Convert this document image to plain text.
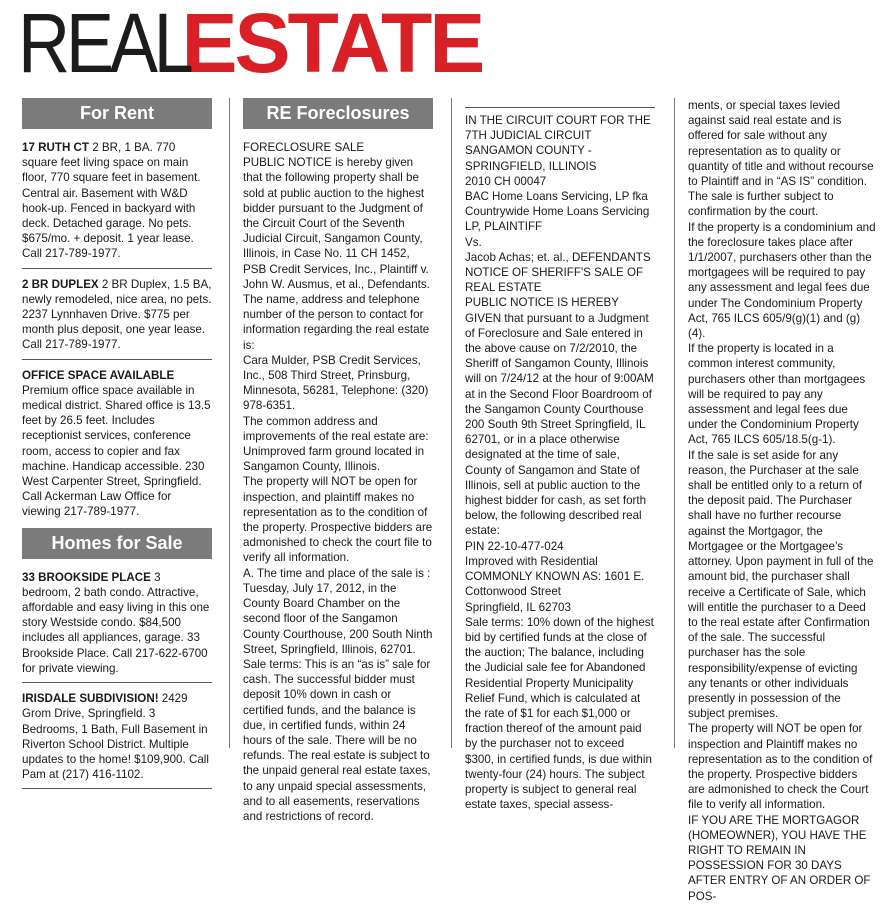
REALESTATE
For Rent
17 RUTH CT 2 BR, 1 BA. 770 square feet living space on main floor, 770 square feet in basement. Central air. Basement with W&D hook-up. Fenced in backyard with deck. Detached garage. No pets. $675/mo. + deposit. 1 year lease. Call 217-789-1977.
2 BR DUPLEX 2 BR Duplex, 1.5 BA, newly remodeled, nice area, no pets. 2237 Lynnhaven Drive. $775 per month plus deposit, one year lease. Call 217-789-1977.
OFFICE SPACE AVAILABLE Premium office space available in medical district. Shared office is 13.5 feet by 26.5 feet. Includes receptionist services, conference room, access to copier and fax machine. Handicap accessible. 230 West Carpenter Street, Springfield. Call Ackerman Law Office for viewing 217-789-1977.
Homes for Sale
33 BROOKSIDE PLACE 3 bedroom, 2 bath condo. Attractive, affordable and easy living in this one story Westside condo. $84,500 includes all appliances, garage. 33 Brookside Place. Call 217-622-6700 for private viewing.
IRISDALE SUBDIVISION! 2429 Grom Drive, Springfield. 3 Bedrooms, 1 Bath, Full Basement in Riverton School District. Multiple updates to the home! $109,900. Call Pam at (217) 416-1102.
RE Foreclosures
FORECLOSURE SALE
PUBLIC NOTICE is hereby given that the following property shall be sold at public auction to the highest bidder pursuant to the Judgment of the Circuit Court of the Seventh Judicial Circuit, Sangamon County, Illinois, in Case No. 11 CH 1452, PSB Credit Services, Inc., Plaintiff v. John W. Ausmus, et al., Defendants.
The name, address and telephone number of the person to contact for information regarding the real estate is:
Cara Mulder, PSB Credit Services, Inc., 508 Third Street, Prinsburg, Minnesota, 56281, Telephone: (320) 978-6351.
The common address and improvements of the real estate are:
Unimproved farm ground located in Sangamon County, Illinois.
The property will NOT be open for inspection, and plaintiff makes no representation as to the condition of the property. Prospective bidders are admonished to check the court file to verify all information.
A. The time and place of the sale is : Tuesday, July 17, 2012, in the County Board Chamber on the second floor of the Sangamon County Courthouse, 200 South Ninth Street, Springfield, Illinois, 62701.
Sale terms: This is an “as is” sale for cash. The successful bidder must deposit 10% down in cash or certified funds, and the balance is due, in certified funds, within 24 hours of the sale. There will be no refunds. The real estate is subject to the unpaid general real estate taxes, to any unpaid special assessments, and to all easements, reservations and restrictions of record.
IN THE CIRCUIT COURT FOR THE 7TH JUDICIAL CIRCUIT
SANGAMON COUNTY - SPRINGFIELD, ILLINOIS
2010 CH 00047
BAC Home Loans Servicing, LP fka Countrywide Home Loans Servicing LP, PLAINTIFF
Vs.
Jacob Achas; et. al., DEFENDANTS
NOTICE OF SHERIFF'S SALE OF REAL ESTATE
PUBLIC NOTICE IS HEREBY GIVEN that pursuant to a Judgment of Foreclosure and Sale entered in the above cause on 7/2/2010, the Sheriff of Sangamon County, Illinois will on 7/24/12 at the hour of 9:00AM at in the Second Floor Boardroom of the Sangamon County Courthouse 200 South 9th Street Springfield, IL 62701, or in a place otherwise designated at the time of sale, County of Sangamon and State of Illinois, sell at public auction to the highest bidder for cash, as set forth below, the following described real estate:
PIN 22-10-477-024
Improved with Residential
COMMONLY KNOWN AS: 1601 E. Cottonwood Street
Springfield, IL 62703
Sale terms: 10% down of the highest bid by certified funds at the close of the auction; The balance, including the Judicial sale fee for Abandoned Residential Property Municipality Relief Fund, which is calculated at the rate of $1 for each $1,000 or fraction thereof of the amount paid by the purchaser not to exceed $300, in certified funds, is due within twenty-four (24) hours. The subject property is subject to general real estate taxes, special assess-
ments, or special taxes levied against said real estate and is offered for sale without any representation as to quality or quantity of title and without recourse to Plaintiff and in “AS IS” condition. The sale is further subject to confirmation by the court.
If the property is a condominium and the foreclosure takes place after 1/1/2007, purchasers other than the mortgagees will be required to pay any assessment and legal fees due under The Condominium Property Act, 765 ILCS 605/9(g)(1) and (g)(4).
If the property is located in a common interest community, purchasers other than mortgagees will be required to pay any assessment and legal fees due under the Condominium Property Act, 765 ILCS 605/18.5(g-1).
If the sale is set aside for any reason, the Purchaser at the sale shall be entitled only to a return of the deposit paid. The Purchaser shall have no further recourse against the Mortgagor, the Mortgagee or the Mortgagee’s attorney. Upon payment in full of the amount bid, the purchaser shall receive a Certificate of Sale, which will entitle the purchaser to a Deed to the real estate after Confirmation of the sale. The successful purchaser has the sole responsibility/expense of evicting any tenants or other individuals presently in possession of the subject premises.
The property will NOT be open for inspection and Plaintiff makes no representation as to the condition of the property. Prospective bidders are admonished to check the Court file to verify all information.
IF YOU ARE THE MORTGAGOR (HOMEOWNER), YOU HAVE THE RIGHT TO REMAIN IN POSSESSION FOR 30 DAYS AFTER ENTRY OF AN ORDER OF POS-
